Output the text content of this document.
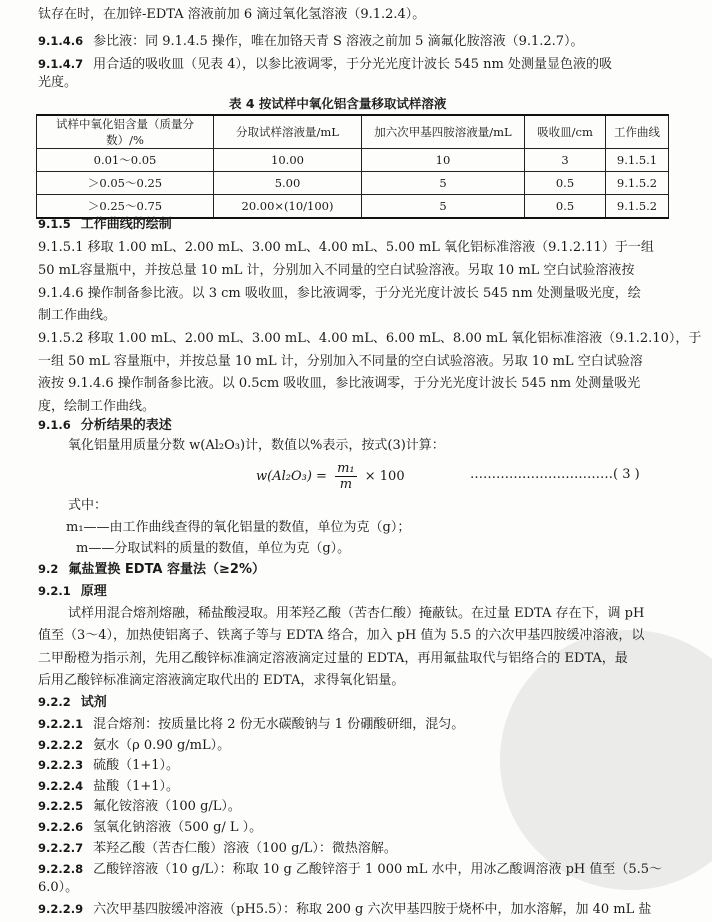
钛存在时，在加锌-EDTA 溶液前加 6 滴过氧化氢溶液（9.1.2.4）。
9.1.4.6 参比液：同 9.1.4.5 操作，唯在加铬天青 S 溶液之前加 5 滴氟化胺溶液（9.1.2.7）。
9.1.4.7 用合适的吸收皿（见表 4），以参比液调零，于分光光度计波长 545 nm 处测量显色液的吸
光度。
表 4 按试样中氧化铝含量移取试样溶液
试样中氧化铝含量（质量分数）/%	分取试样溶液量/mL	加六次甲基四胺溶液量/mL	吸收皿/cm	工作曲线
0.01～0.05	10.00	10	3	9.1.5.1
＞0.05～0.25	5.00	5	0.5	9.1.5.2
＞0.25～0.75	20.00×(10/100)	5	0.5	9.1.5.2
9.1.5 工作曲线的绘制
9.1.5.1 移取 1.00 mL、2.00 mL、3.00 mL、4.00 mL、5.00 mL 氧化铝标准溶液（9.1.2.11）于一组
50 mL容量瓶中，并按总量 10 mL 计，分别加入不同量的空白试验溶液。另取 10 mL 空白试验溶液按
9.1.4.6 操作制备参比液。以 3 cm 吸收皿，参比液调零，于分光光度计波长 545 nm 处测量吸光度，绘
制工作曲线。
9.1.5.2 移取 1.00 mL、2.00 mL、3.00 mL、4.00 mL、6.00 mL、8.00 mL 氧化铝标准溶液（9.1.2.10），于
一组 50 mL 容量瓶中，并按总量 10 mL 计，分别加入不同量的空白试验溶液。另取 10 mL 空白试验溶
液按 9.1.4.6 操作制备参比液。以 0.5cm 吸收皿，参比液调零，于分光光度计波长 545 nm 处测量吸光
度，绘制工作曲线。
9.1.6 分析结果的表述
氧化铝量用质量分数 w(Al₂O₃)计，数值以%表示，按式(3)计算：
$w(Al_2O_3) = \frac{\text{m₁}}{m} \times 100$	……………………………( 3 )
式中：
m₁——由工作曲线查得的氧化铝量的数值，单位为克（g）；
m——分取试料的质量的数值，单位为克（g）。
9.2 氟盐置换 EDTA 容量法（≥2%）
9.2.1 原理
试样用混合熔剂熔融，稀盐酸浸取。用苯羟乙酸（苦杏仁酸）掩蔽钛。在过量 EDTA 存在下，调 pH
值至（3～4），加热使铝离子、铁离子等与 EDTA 络合，加入 pH 值为 5.5 的六次甲基四胺缓冲溶液，以
二甲酚橙为指示剂，先用乙酸锌标准滴定溶液滴定过量的 EDTA，再用氟盐取代与铝络合的 EDTA，最
后用乙酸锌标准滴定溶液滴定取代出的 EDTA，求得氧化铝量。
9.2.2 试剂
9.2.2.1 混合熔剂：按质量比将 2 份无水碳酸钠与 1 份硼酸研细，混匀。
9.2.2.2 氨水（ρ 0.90 g/mL）。
9.2.2.3 硫酸（1+1）。
9.2.2.4 盐酸（1+1）。
9.2.2.5 氟化铵溶液（100 g/L）。
9.2.2.6 氢氧化钠溶液（500 g/ L ）。
9.2.2.7 苯羟乙酸（苦杏仁酸）溶液（100 g/L）：微热溶解。
9.2.2.8 乙酸锌溶液（10 g/L）：称取 10 g 乙酸锌溶于 1 000 mL 水中，用冰乙酸调溶液 pH 值至（5.5～
6.0）。
9.2.2.9 六次甲基四胺缓冲溶液（pH5.5）：称取 200 g 六次甲基四胺于烧杯中，加水溶解，加 40 mL 盐
